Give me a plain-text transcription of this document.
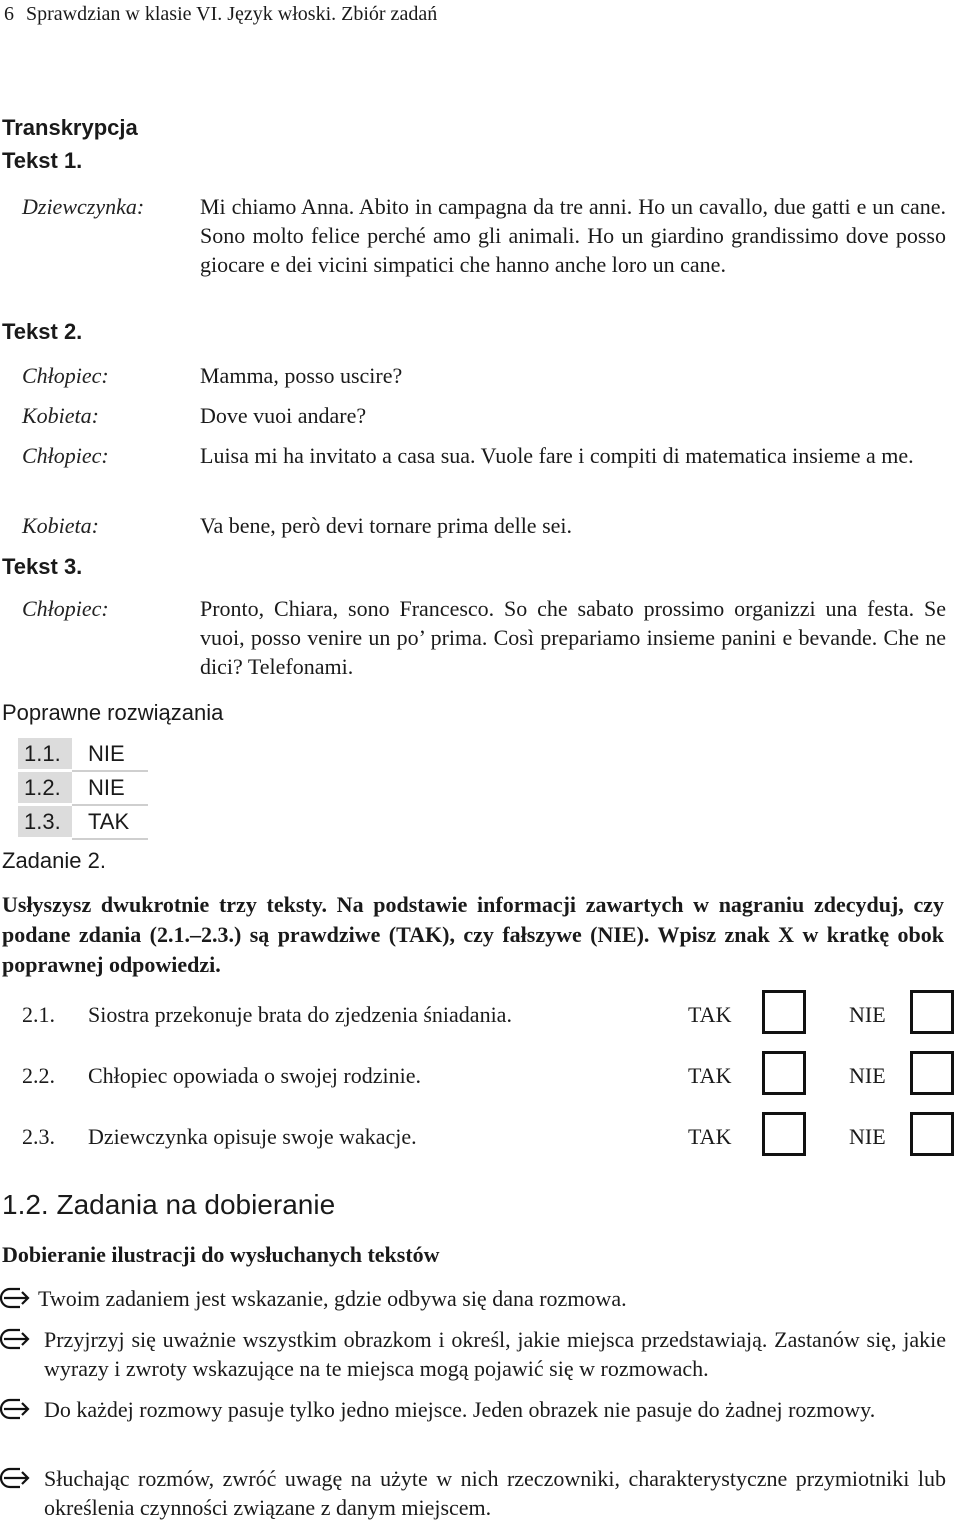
6 Sprawdzian w klasie VI. Język włoski. Zbiór zadań
Transkrypcja
Tekst 1.
Dziewczynka:	Mi chiamo Anna. Abito in campagna da tre anni. Ho un cavallo, due gatti e un cane. Sono molto felice perché amo gli animali. Ho un giardino grandissimo dove posso giocare e dei vicini simpatici che hanno anche loro un cane.
Tekst 2.
Chłopiec:	Mamma, posso uscire?
Kobieta:	Dove vuoi andare?
Chłopiec:	Luisa mi ha invitato a casa sua. Vuole fare i compiti di matematica insieme a me.
Kobieta:	Va bene, però devi tornare prima delle sei.
Tekst 3.
Chłopiec:	Pronto, Chiara, sono Francesco. So che sabato prossimo organizzi una festa. Se vuoi, posso venire un po’ prima. Così prepariamo insieme panini e bevande. Che ne dici? Telefonami.
Poprawne rozwiązania
1.1.	NIE
1.2.	NIE
1.3.	TAK
Zadanie 2.
Usłyszysz dwukrotnie trzy teksty. Na podstawie informacji zawartych w nagraniu zdecyduj, czy podane zdania (2.1.–2.3.) są prawdziwe (TAK), czy fałszywe (NIE). Wpisz znak X w kratkę obok poprawnej odpowiedzi.
2.1. Siostra przekonuje brata do zjedzenia śniadania.	TAK	NIE
2.2. Chłopiec opowiada o swojej rodzinie.	TAK	NIE
2.3. Dziewczynka opisuje swoje wakacje.	TAK	NIE
1.2. Zadania na dobieranie
Dobieranie ilustracji do wysłuchanych tekstów
Twoim zadaniem jest wskazanie, gdzie odbywa się dana rozmowa.
Przyjrzyj się uważnie wszystkim obrazkom i określ, jakie miejsca przedstawiają. Zastanów się, jakie wyrazy i zwroty wskazujące na te miejsca mogą pojawić się w rozmowach.
Do każdej rozmowy pasuje tylko jedno miejsce. Jeden obrazek nie pasuje do żadnej rozmowy.
Słuchając rozmów, zwróć uwagę na użyte w nich rzeczowniki, charakterystyczne przymiotniki lub określenia czynności związane z danym miejscem.
